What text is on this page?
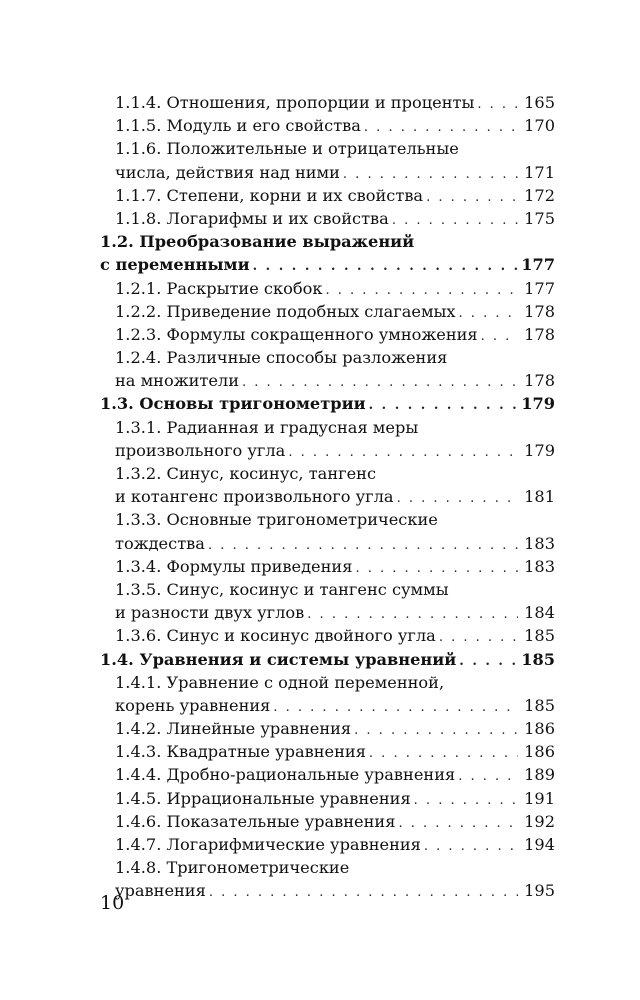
1.1.4. Отношения, пропорции и проценты . . .	165
1.1.5. Модуль и его свойства . . .	170
1.1.6. Положительные и отрицательные
числа, действия над ними . . .	171
1.1.7. Степени, корни и их свойства . . .	172
1.1.8. Логарифмы и их свойства . . .	175
1.2. Преобразование выражений
с переменными . . .	177
1.2.1. Раскрытие скобок . . .	177
1.2.2. Приведение подобных слагаемых . . .	178
1.2.3. Формулы сокращенного умножения . . .	178
1.2.4. Различные способы разложения
на множители . . .	178
1.3. Основы тригонометрии . . .	179
1.3.1. Радианная и градусная меры
произвольного угла . . .	179
1.3.2. Синус, косинус, тангенс
и котангенс произвольного угла . . .	181
1.3.3. Основные тригонометрические
тождества . . .	183
1.3.4. Формулы приведения . . .	183
1.3.5. Синус, косинус и тангенс суммы
и разности двух углов . . .	184
1.3.6. Синус и косинус двойного угла . . .	185
1.4. Уравнения и системы уравнений . . .	185
1.4.1. Уравнение с одной переменной,
корень уравнения . . .	185
1.4.2. Линейные уравнения . . .	186
1.4.3. Квадратные уравнения . . .	186
1.4.4. Дробно-рациональные уравнения . . .	189
1.4.5. Иррациональные уравнения . . .	191
1.4.6. Показательные уравнения . . .	192
1.4.7. Логарифмические уравнения . . .	194
1.4.8. Тригонометрические
уравнения . . .	195
10
